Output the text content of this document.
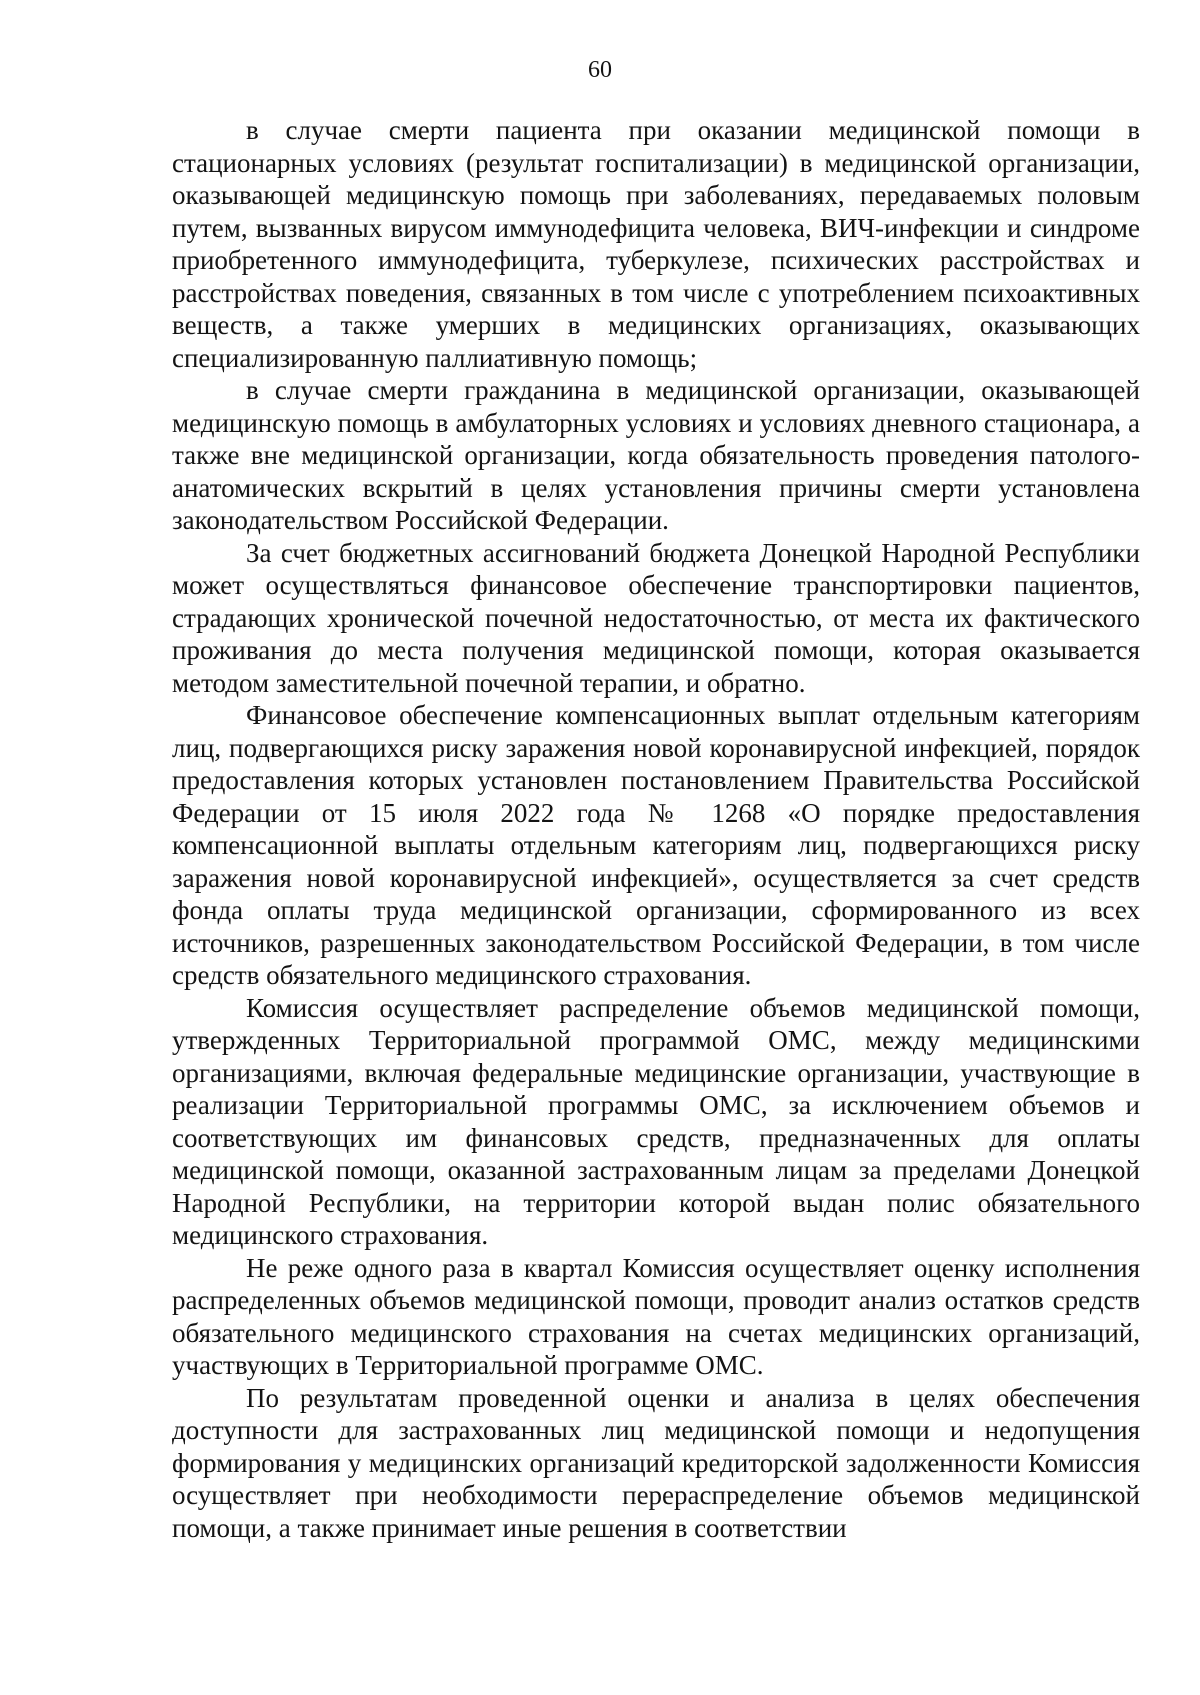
60

в случае смерти пациента при оказании медицинской помощи в стационарных условиях (результат госпитализации) в медицинской организации, оказывающей медицинскую помощь при заболеваниях, передаваемых половым путем, вызванных вирусом иммунодефицита человека, ВИЧ-инфекции и синдроме приобретенного иммунодефицита, туберкулезе, психических расстройствах и расстройствах поведения, связанных в том числе с употреблением психоактивных веществ, а также умерших в медицинских организациях, оказывающих специализированную паллиативную помощь;

в случае смерти гражданина в медицинской организации, оказывающей медицинскую помощь в амбулаторных условиях и условиях дневного стационара, а также вне медицинской организации, когда обязательность проведения патолого-анатомических вскрытий в целях установления причины смерти установлена законодательством Российской Федерации.

За счет бюджетных ассигнований бюджета Донецкой Народной Республики может осуществляться финансовое обеспечение транспортировки пациентов, страдающих хронической почечной недостаточностью, от места их фактического проживания до места получения медицинской помощи, которая оказывается методом заместительной почечной терапии, и обратно.

Финансовое обеспечение компенсационных выплат отдельным категориям лиц, подвергающихся риску заражения новой коронавирусной инфекцией, порядок предоставления которых установлен постановлением Правительства Российской Федерации от 15 июля 2022 года № 1268 «О порядке предоставления компенсационной выплаты отдельным категориям лиц, подвергающихся риску заражения новой коронавирусной инфекцией», осуществляется за счет средств фонда оплаты труда медицинской организации, сформированного из всех источников, разрешенных законодательством Российской Федерации, в том числе средств обязательного медицинского страхования.

Комиссия осуществляет распределение объемов медицинской помощи, утвержденных Территориальной программой ОМС, между медицинскими организациями, включая федеральные медицинские организации, участвующие в реализации Территориальной программы ОМС, за исключением объемов и соответствующих им финансовых средств, предназначенных для оплаты медицинской помощи, оказанной застрахованным лицам за пределами Донецкой Народной Республики, на территории которой выдан полис обязательного медицинского страхования.

Не реже одного раза в квартал Комиссия осуществляет оценку исполнения распределенных объемов медицинской помощи, проводит анализ остатков средств обязательного медицинского страхования на счетах медицинских организаций, участвующих в Территориальной программе ОМС.

По результатам проведенной оценки и анализа в целях обеспечения доступности для застрахованных лиц медицинской помощи и недопущения формирования у медицинских организаций кредиторской задолженности Комиссия осуществляет при необходимости перераспределение объемов медицинской помощи, а также принимает иные решения в соответствии
